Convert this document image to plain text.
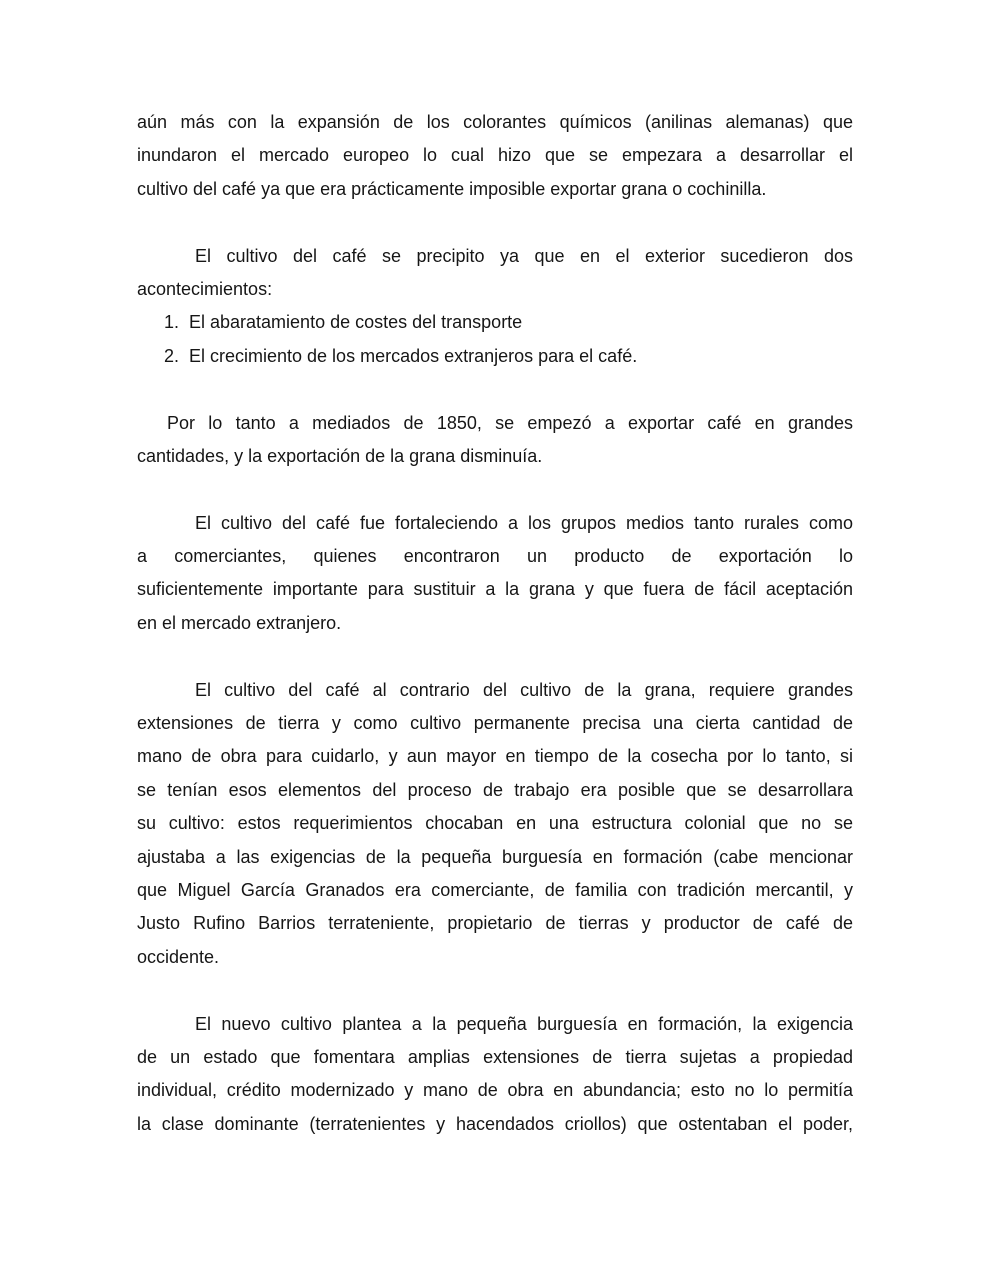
aún más con la expansión de los colorantes químicos (anilinas alemanas) que
inundaron el mercado europeo lo cual hizo que se empezara a desarrollar el
cultivo del café ya que era prácticamente imposible exportar grana o cochinilla.
El cultivo del café se precipito ya que en el exterior sucedieron dos
acontecimientos:
1. El abaratamiento de costes del transporte
2. El crecimiento de los mercados extranjeros para el café.
Por lo tanto a mediados de 1850, se empezó a exportar café en grandes
cantidades, y la exportación de la grana disminuía.
El cultivo del café fue fortaleciendo a los grupos medios tanto rurales como
a comerciantes, quienes encontraron un producto de exportación lo
suficientemente importante para sustituir a la grana y que fuera de fácil aceptación
en el mercado extranjero.
El cultivo del café al contrario del cultivo de la grana, requiere grandes
extensiones de tierra y como cultivo permanente precisa una cierta cantidad de
mano de obra para cuidarlo, y aun mayor en tiempo de la cosecha por lo tanto, si
se tenían esos elementos del proceso de trabajo era posible que se desarrollara
su cultivo: estos requerimientos chocaban en una estructura colonial que no se
ajustaba a las exigencias de la pequeña burguesía en formación (cabe mencionar
que Miguel García Granados era comerciante, de familia con tradición mercantil, y
Justo Rufino Barrios terrateniente, propietario de tierras y productor de café de
occidente.
El nuevo cultivo plantea a la pequeña burguesía en formación, la exigencia
de un estado que fomentara amplias extensiones de tierra sujetas a propiedad
individual, crédito modernizado y mano de obra en abundancia; esto no lo permitía
la clase dominante (terratenientes y hacendados criollos) que ostentaban el poder,
